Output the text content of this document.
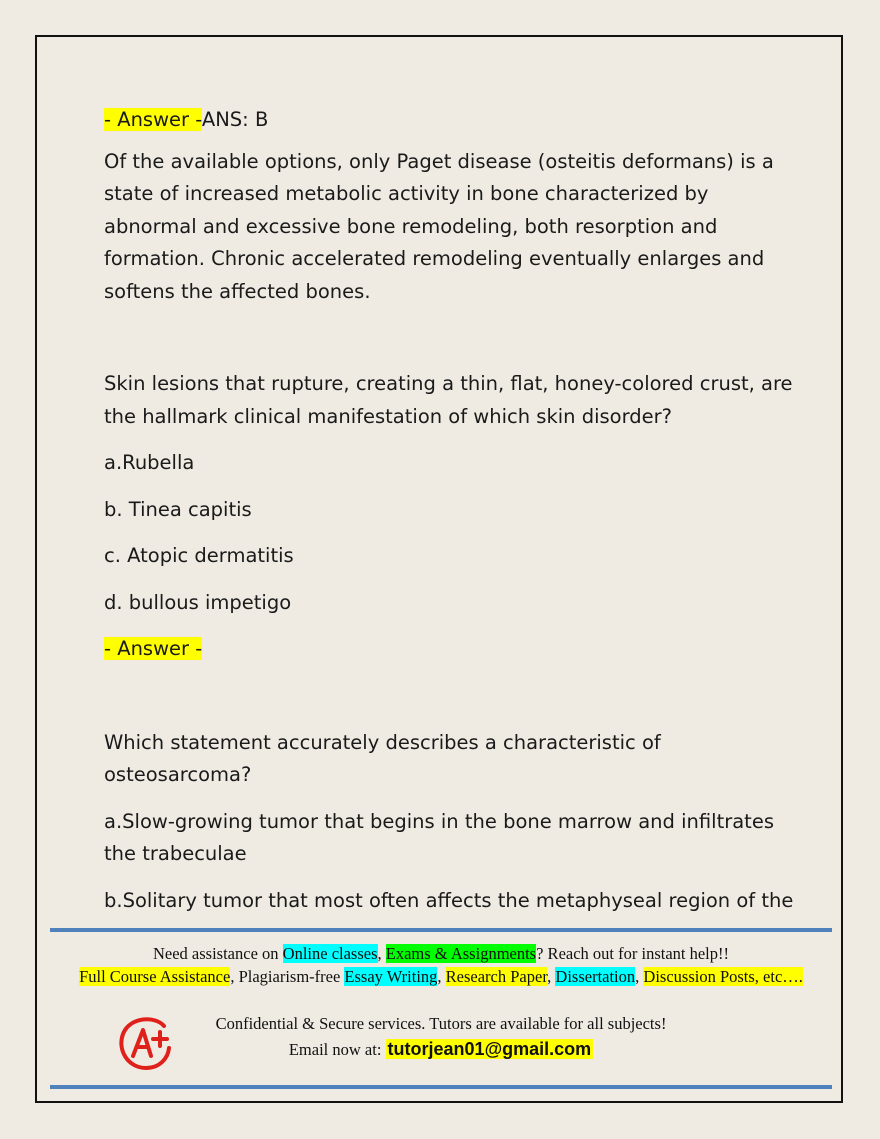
- Answer -ANS: B

Of the available options, only Paget disease (osteitis deformans) is a state of increased metabolic activity in bone characterized by abnormal and excessive bone remodeling, both resorption and formation. Chronic accelerated remodeling eventually enlarges and softens the affected bones.

Skin lesions that rupture, creating a thin, flat, honey-colored crust, are the hallmark clinical manifestation of which skin disorder?

a.Rubella

b. Tinea capitis

c. Atopic dermatitis

d. bullous impetigo

- Answer -

Which statement accurately describes a characteristic of osteosarcoma?

a.Slow-growing tumor that begins in the bone marrow and infiltrates the trabeculae

b.Solitary tumor that most often affects the metaphyseal region of the

Need assistance on Online classes, Exams & Assignments? Reach out for instant help!!
Full Course Assistance, Plagiarism-free Essay Writing, Research Paper, Dissertation, Discussion Posts, etc….
Confidential & Secure services. Tutors are available for all subjects!
Email now at: tutorjean01@gmail.com
